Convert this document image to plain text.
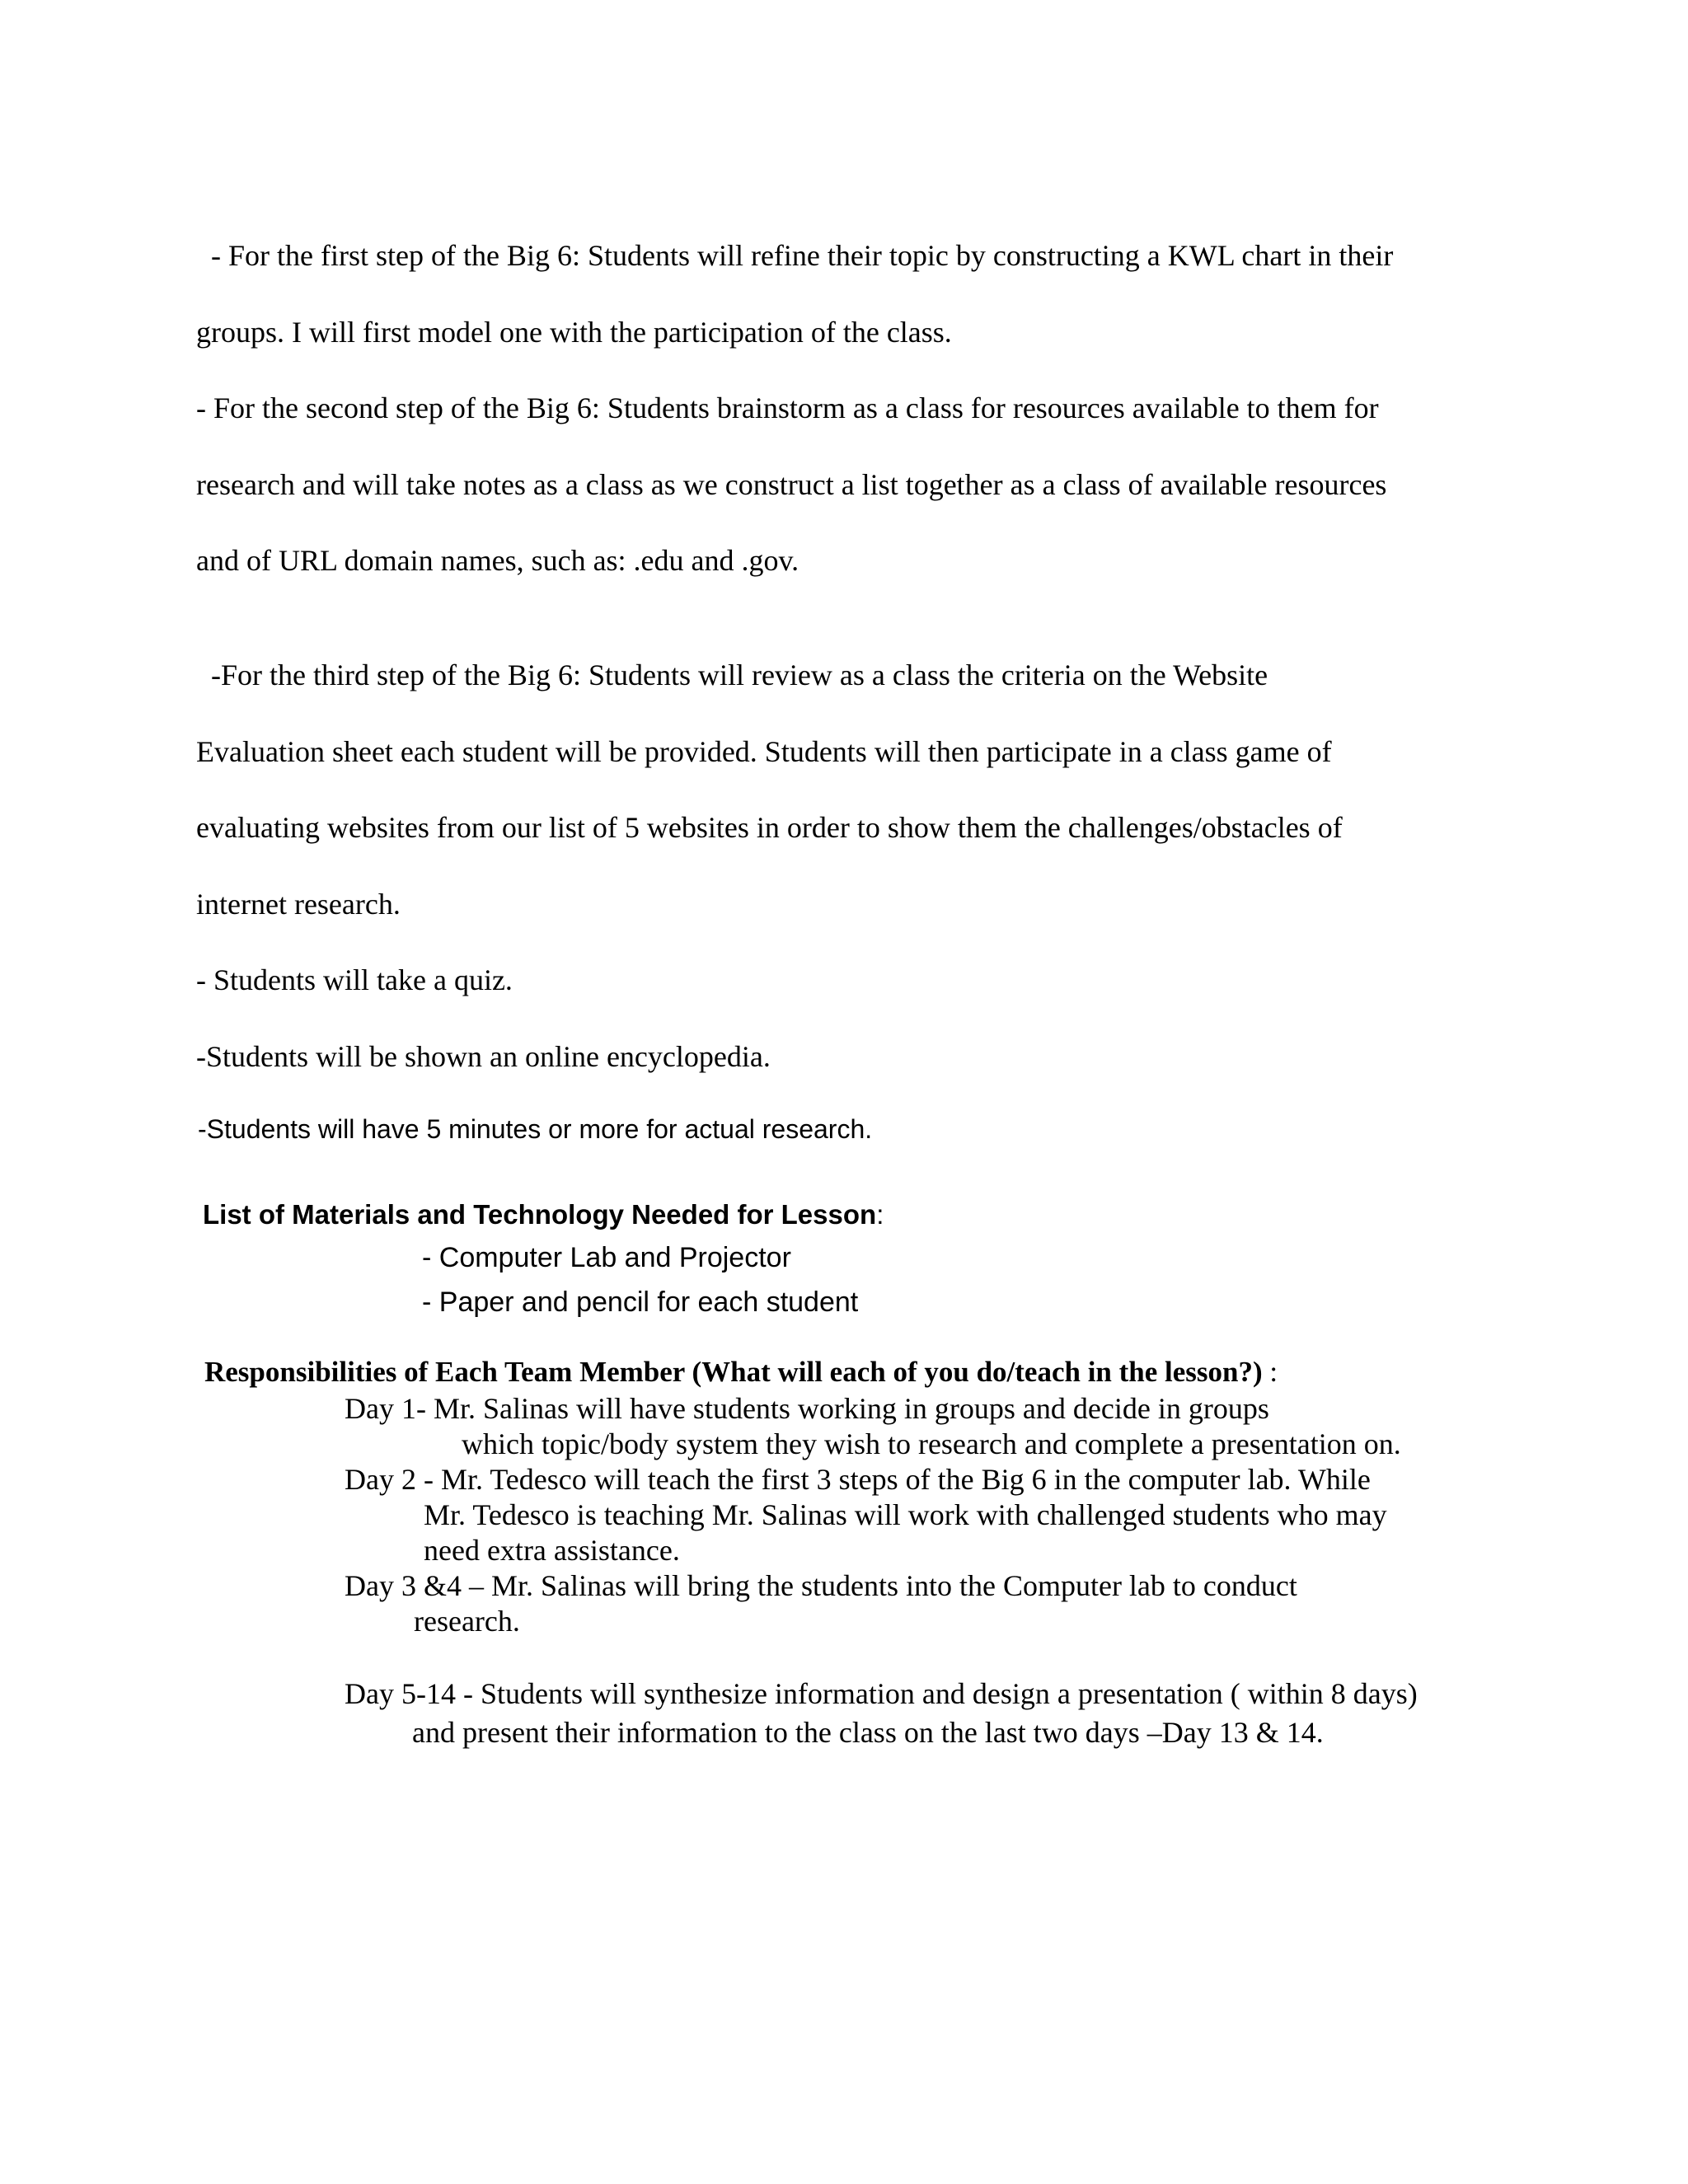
- For the first step of the Big 6: Students will refine their topic by constructing a KWL chart in their
groups. I will first model one with the participation of the class.
- For the second step of the Big 6: Students brainstorm as a class for resources available to them for
research and will take notes as a class as we construct a list together as a class of available resources
and of URL domain names, such as: .edu and .gov.
-For the third step of the Big 6: Students will review as a class the criteria on the Website
Evaluation sheet each student will be provided. Students will then participate in a class game of
evaluating websites from our list of 5 websites in order to show them the challenges/obstacles of
internet research.
- Students will take a quiz.
-Students will be shown an online encyclopedia.
-Students will have 5 minutes or more for actual research.
List of Materials and Technology Needed for Lesson:
- Computer Lab and Projector
- Paper and pencil for each student
Responsibilities of Each Team Member (What will each of you do/teach in the lesson?) :
Day 1- Mr. Salinas will have students working in groups and decide in groups
which topic/body system they wish to research and complete a presentation on.
Day 2 - Mr. Tedesco will teach the first 3 steps of the Big 6 in the computer lab. While
Mr. Tedesco is teaching Mr. Salinas will work with challenged students who may
need extra assistance.
Day 3 &4 – Mr. Salinas will bring the students into the Computer lab to conduct
research.
Day 5-14 - Students will synthesize information and design a presentation ( within 8 days)
and present their information to the class on the last two days –Day 13 & 14.
